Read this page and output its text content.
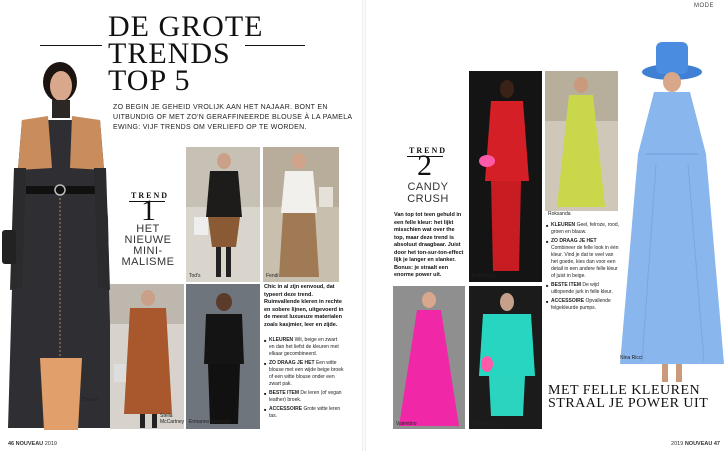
MODE
DE GROTE
TRENDS
TOP 5
ZO BEGIN JE GEHEID VROLIJK AAN HET NAJAAR. BONT EN UITBUNDIG OF MET ZO'N GERAFFINEERDE BLOUSE À LA PAMELA EWING: VIJF TRENDS OM VERLIEFD OP TE WORDEN.
Chanel
TREND
1
HET
NIEUWE
MINI-
MALISME
Tod's	Fendi
Stella McCartney Ermanno Scervino
Chic in al zijn eenvoud, dat typeert deze trend. Ruimvallende kleren in rechte en sobere lijnen, uitgevoerd in de meest luxueuze materialen zoals kasjmier, leer en zijde.
■ KLEUREN Wit, beige en zwart en dan het liefst de kleuren met elkaar gecombineerd.
■ ZO DRAAG JE HET Een witte blouse met een wijde beige broek of een witte blouse onder een zwart pak.
■ BESTE ITEM De leren (of vegan leather) broek.
■ ACCESSOIRE Grote witte leren tas.
46 NOUVEAU 2019
TREND
2
CANDY
CRUSH
Van top tot teen gehuld in een felle kleur: het lijkt misschien wat over the top, maar deze trend is absoluut draagbaar. Juist door het ton-sur-ton-effect lijk je langer en slanker. Bonus: je straalt een enorme power uit.	Balenciaga
Roksanda
■ KLEUREN Geel, felroze, rood, groen en blauw.
■ ZO DRAAG JE HET Combineer de felle look in één kleur. Vind je dat te veel van het goede, kies dan voor een detail in een andere felle kleur of juist in beige.
■ BESTE ITEM De wijd uitlopende jurk in felle kleur.
■ ACCESSOIRE Opvallende felgekleurde pumps.
Valentino	Balenciaga
Nina Ricci
MET FELLE KLEUREN STRAAL JE POWER UIT
2019 NOUVEAU 47
